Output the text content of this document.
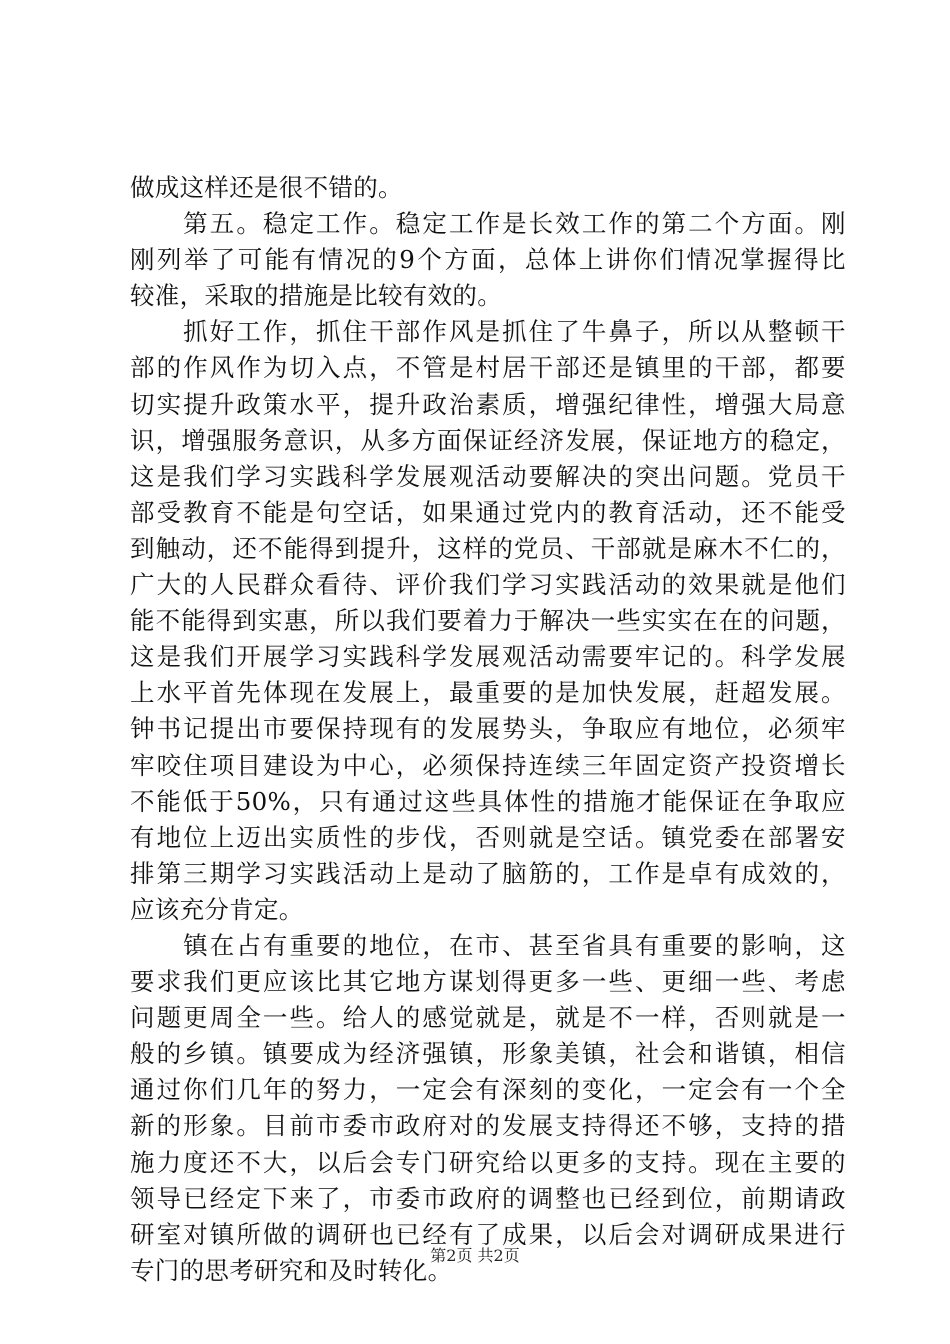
做成这样还是很不错的。

第 五 。 稳 定 工 作 。 稳 定 工 作 是 长 效 工 作 的 第 二 个 方 面 。 刚
刚 列 举 了 可 能 有 情 况 的 9 个 方 面 ， 总 体 上 讲 你 们 情 况 掌 握 得 比
较准，采取的措施是比较有效的。

抓 好 工 作 ， 抓 住 干 部 作 风 是 抓 住 了 牛 鼻 子 ， 所 以 从 整 顿 干
部 的 作 风 作 为 切 入 点 ， 不 管 是 村 居 干 部 还 是 镇 里 的 干 部 ， 都 要
切 实 提 升 政 策 水 平 ， 提 升 政 治 素 质 ， 增 强 纪 律 性 ， 增 强 大 局 意
识 ， 增 强 服 务 意 识 ， 从 多 方 面 保 证 经 济 发 展 ， 保 证 地 方 的 稳 定 ，
这 是 我 们 学 习 实 践 科 学 发 展 观 活 动 要 解 决 的 突 出 问 题 。 党 员 干
部 受 教 育 不 能 是 句 空 话 ， 如 果 通 过 党 内 的 教 育 活 动 ， 还 不 能 受
到 触 动 ， 还 不 能 得 到 提 升 ， 这 样 的 党 员 、 干 部 就 是 麻 木 不 仁 的 ，
广 大 的 人 民 群 众 看 待 、 评 价 我 们 学 习 实 践 活 动 的 效 果 就 是 他 们
能 不 能 得 到 实 惠 ， 所 以 我 们 要 着 力 于 解 决 一 些 实 实 在 在 的 问 题 ，
这 是 我 们 开 展 学 习 实 践 科 学 发 展 观 活 动 需 要 牢 记 的 。 科 学 发 展
上 水 平 首 先 体 现 在 发 展 上 ， 最 重 要 的 是 加 快 发 展 ， 赶 超 发 展 。
钟 书 记 提 出 市 要 保 持 现 有 的 发 展 势 头 ， 争 取 应 有 地 位 ， 必 须 牢
牢 咬 住 项 目 建 设 为 中 心 ， 必 须 保 持 连 续 三 年 固 定 资 产 投 资 增 长
不 能 低 于 50% ， 只 有 通 过 这 些 具 体 性 的 措 施 才 能 保 证 在 争 取 应
有 地 位 上 迈 出 实 质 性 的 步 伐 ， 否 则 就 是 空 话 。 镇 党 委 在 部 署 安
排 第 三 期 学 习 实 践 活 动 上 是 动 了 脑 筋 的 ， 工 作 是 卓 有 成 效 的 ，
应该充分肯定。

镇 在 占 有 重 要 的 地 位 ， 在 市 、 甚 至 省 具 有 重 要 的 影 响 ， 这
要 求 我 们 更 应 该 比 其 它 地 方 谋 划 得 更 多 一 些 、 更 细 一 些 、 考 虑
问 题 更 周 全 一 些 。 给 人 的 感 觉 就 是 ， 就 是 不 一 样 ， 否 则 就 是 一
般 的 乡 镇 。 镇 要 成 为 经 济 强 镇 ， 形 象 美 镇 ， 社 会 和 谐 镇 ， 相 信
通 过 你 们 几 年 的 努 力 ， 一 定 会 有 深 刻 的 变 化 ， 一 定 会 有 一 个 全
新 的 形 象 。 目 前 市 委 市 政 府 对 的 发 展 支 持 得 还 不 够 ， 支 持 的 措
施 力 度 还 不 大 ， 以 后 会 专 门 研 究 给 以 更 多 的 支 持 。 现 在 主 要 的
领 导 已 经 定 下 来 了 ， 市 委 市 政 府 的 调 整 也 已 经 到 位 ， 前 期 请 政
研 室 对 镇 所 做 的 调 研 也 已 经 有 了 成 果 ， 以 后 会 对 调 研 成 果 进 行
专门的思考研究和及时转化。
第2页 共2页
